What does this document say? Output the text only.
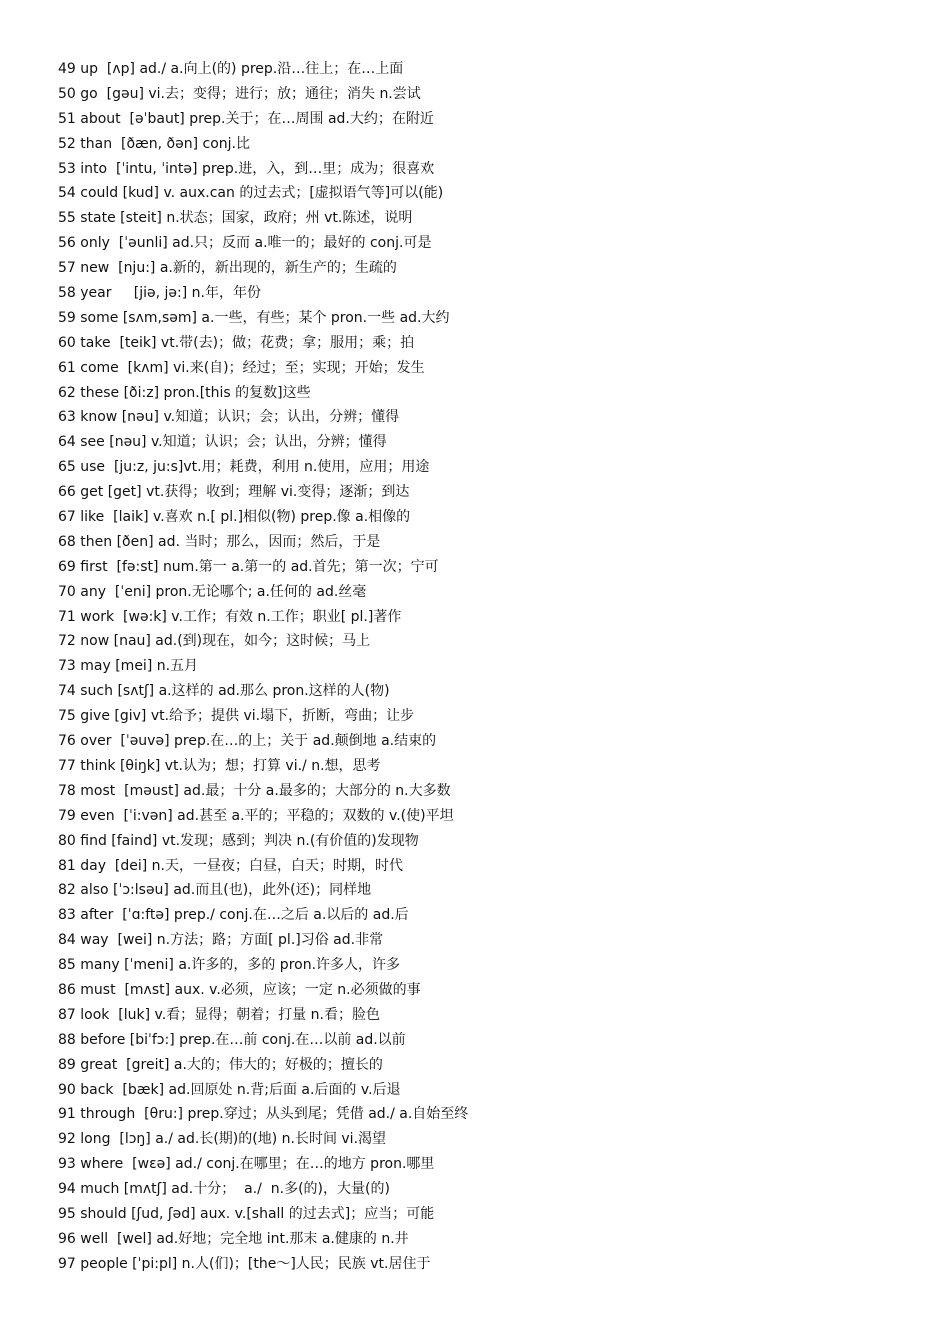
49 up  [ʌp] ad./ a.向上(的) prep.沿…往上；在…上面
50 go  [gəu] vi.去；变得；进行；放；通往；消失 n.尝试
51 about  [əˈbaut] prep.关于；在…周围 ad.大约；在附近
52 than  [ðæn, ðən] conj.比
53 into  [ˈintu, ˈintə] prep.进，入，到…里；成为；很喜欢
54 could [kud] v. aux.can 的过去式；[虚拟语气等]可以(能)
55 state [steit] n.状态；国家，政府；州 vt.陈述，说明
56 only  [ˈəunli] ad.只；反而 a.唯一的；最好的 conj.可是
57 new  [nju:] a.新的，新出现的，新生产的；生疏的
58 year     [jiə, jə:] n.年，年份
59 some [sʌm,səm] a.一些，有些；某个 pron.一些 ad.大约
60 take  [teik] vt.带(去)；做；花费；拿；服用；乘；拍
61 come  [kʌm] vi.来(自)；经过；至；实现；开始；发生
62 these [ði:z] pron.[this 的复数]这些
63 know [nəu] v.知道；认识；会；认出，分辨；懂得
64 see [nəu] v.知道；认识；会；认出，分辨；懂得
65 use  [ju:z, ju:s]vt.用；耗费，利用 n.使用，应用；用途
66 get [get] vt.获得；收到；理解 vi.变得；逐渐；到达
67 like  [laik] v.喜欢 n.[ pl.]相似(物) prep.像 a.相像的
68 then [ðen] ad. 当时；那么，因而；然后，于是
69 first  [fə:st] num.第一 a.第一的 ad.首先；第一次；宁可
70 any  [ˈeni] pron.无论哪个; a.任何的 ad.丝毫
71 work  [wə:k] v.工作；有效 n.工作；职业[ pl.]著作
72 now [nau] ad.(到)现在，如今；这时候；马上
73 may [mei] n.五月
74 such [sʌtʃ] a.这样的 ad.那么 pron.这样的人(物)
75 give [giv] vt.给予；提供 vi.塌下，折断，弯曲；让步
76 over  [ˈəuvə] prep.在…的上；关于 ad.颠倒地 a.结束的
77 think [θiŋk] vt.认为；想；打算 vi./ n.想，思考
78 most  [məust] ad.最；十分 a.最多的；大部分的 n.大多数
79 even  [ˈi:vən] ad.甚至 a.平的；平稳的；双数的 v.(使)平坦
80 find [faind] vt.发现；感到；判决 n.(有价值的)发现物
81 day  [dei] n.天，一昼夜；白昼，白天；时期，时代
82 also [ˈɔ:lsəu] ad.而且(也)，此外(还)；同样地
83 after  [ˈɑ:ftə] prep./ conj.在…之后 a.以后的 ad.后
84 way  [wei] n.方法；路；方面[ pl.]习俗 ad.非常
85 many [ˈmeni] a.许多的，多的 pron.许多人，许多
86 must  [mʌst] aux. v.必须，应该；一定 n.必须做的事
87 look  [luk] v.看；显得；朝着；打量 n.看；脸色
88 before [biˈfɔ:] prep.在…前 conj.在…以前 ad.以前
89 great  [greit] a.大的；伟大的；好极的；擅长的
90 back  [bæk] ad.回原处 n.背;后面 a.后面的 v.后退
91 through  [θru:] prep.穿过；从头到尾；凭借 ad./ a.自始至终
92 long  [lɔŋ] a./ ad.长(期)的(地) n.长时间 vi.渴望
93 where  [wεə] ad./ conj.在哪里；在…的地方 pron.哪里
94 much [mʌtʃ] ad.十分；  a./  n.多(的)，大量(的)
95 should [ʃud, ʃəd] aux. v.[shall 的过去式]；应当；可能
96 well  [wel] ad.好地；完全地 int.那末 a.健康的 n.井
97 people [ˈpi:pl] n.人(们)；[the～]人民；民族 vt.居住于
